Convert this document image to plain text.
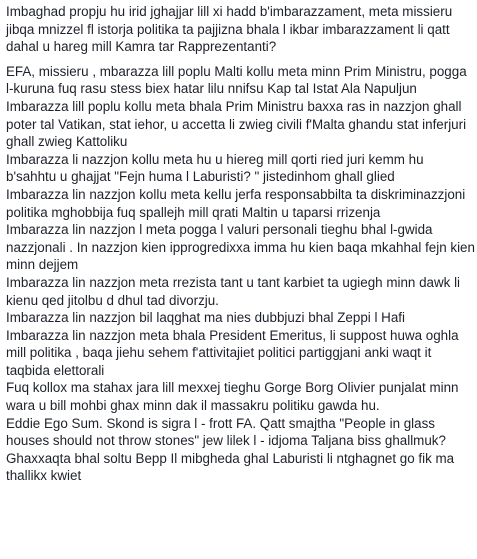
Imbaghad propju hu irid jghajjar lill xi hadd b'imbarazzament, meta missieru jibqa mnizzel fl istorja politika ta pajjizna bhala l ikbar imbarazzament li qatt dahal u hareg mill Kamra tar Rapprezentanti?

EFA, missieru , mbarazza lill poplu Malti kollu meta minn Prim Ministru, pogga l-kuruna fuq rasu stess biex hatar lilu nnifsu Kap tal Istat Ala Napuljun

Imbarazza lill poplu kollu meta bhala Prim Ministru baxxa ras in nazzjon ghall poter tal Vatikan, stat iehor, u accetta li zwieg civili f'Malta ghandu stat inferjuri ghall zwieg Kattoliku

Imbarazza li nazzjon kollu meta hu u hiereg mill qorti ried juri kemm hu b'sahhtu u ghajjat "Fejn huma l Laburisti? " jistedinhom ghall glied

Imbarazza lin nazzjon kollu meta kellu jerfa responsabbilta ta diskriminazzjoni politika mghobbija fuq spallejh mill qrati Maltin u taparsi rrizenja

Imbarazza lin nazzjon l meta pogga l valuri personali tieghu bhal l-gwida nazzjonali . In nazzjon kien ipprogredixxa imma hu kien baqa mkahhal fejn kien minn dejjem

Imbarazza lin nazzjon meta rrezista tant u tant karbiet ta ugiegh minn dawk li kienu qed jitolbu d dhul tad divorzju.

Imbarazza lin nazzjon bil laqghat ma nies dubbjuzi bhal Zeppi l Hafi

Imbarazza lin nazzjon meta bhala President Emeritus, li suppost huwa oghla mill politika , baqa jiehu sehem f'attivitajiet politici partiggjani anki waqt it taqbida elettorali

Fuq kollox ma stahax jara lill mexxej tieghu Gorge Borg Olivier punjalat minn wara u bill mohbi ghax minn dak il massakru politiku gawda hu.

Eddie Ego Sum. Skond is sigra l - frott FA. Qatt smajtha "People in glass houses should not throw stones" jew lilek l - idjoma Taljana biss ghallmuk?

Ghaxxaqta bhal soltu Bepp Il mibgheda ghal Laburisti li ntghagnet go fik ma thallikx kwiet
